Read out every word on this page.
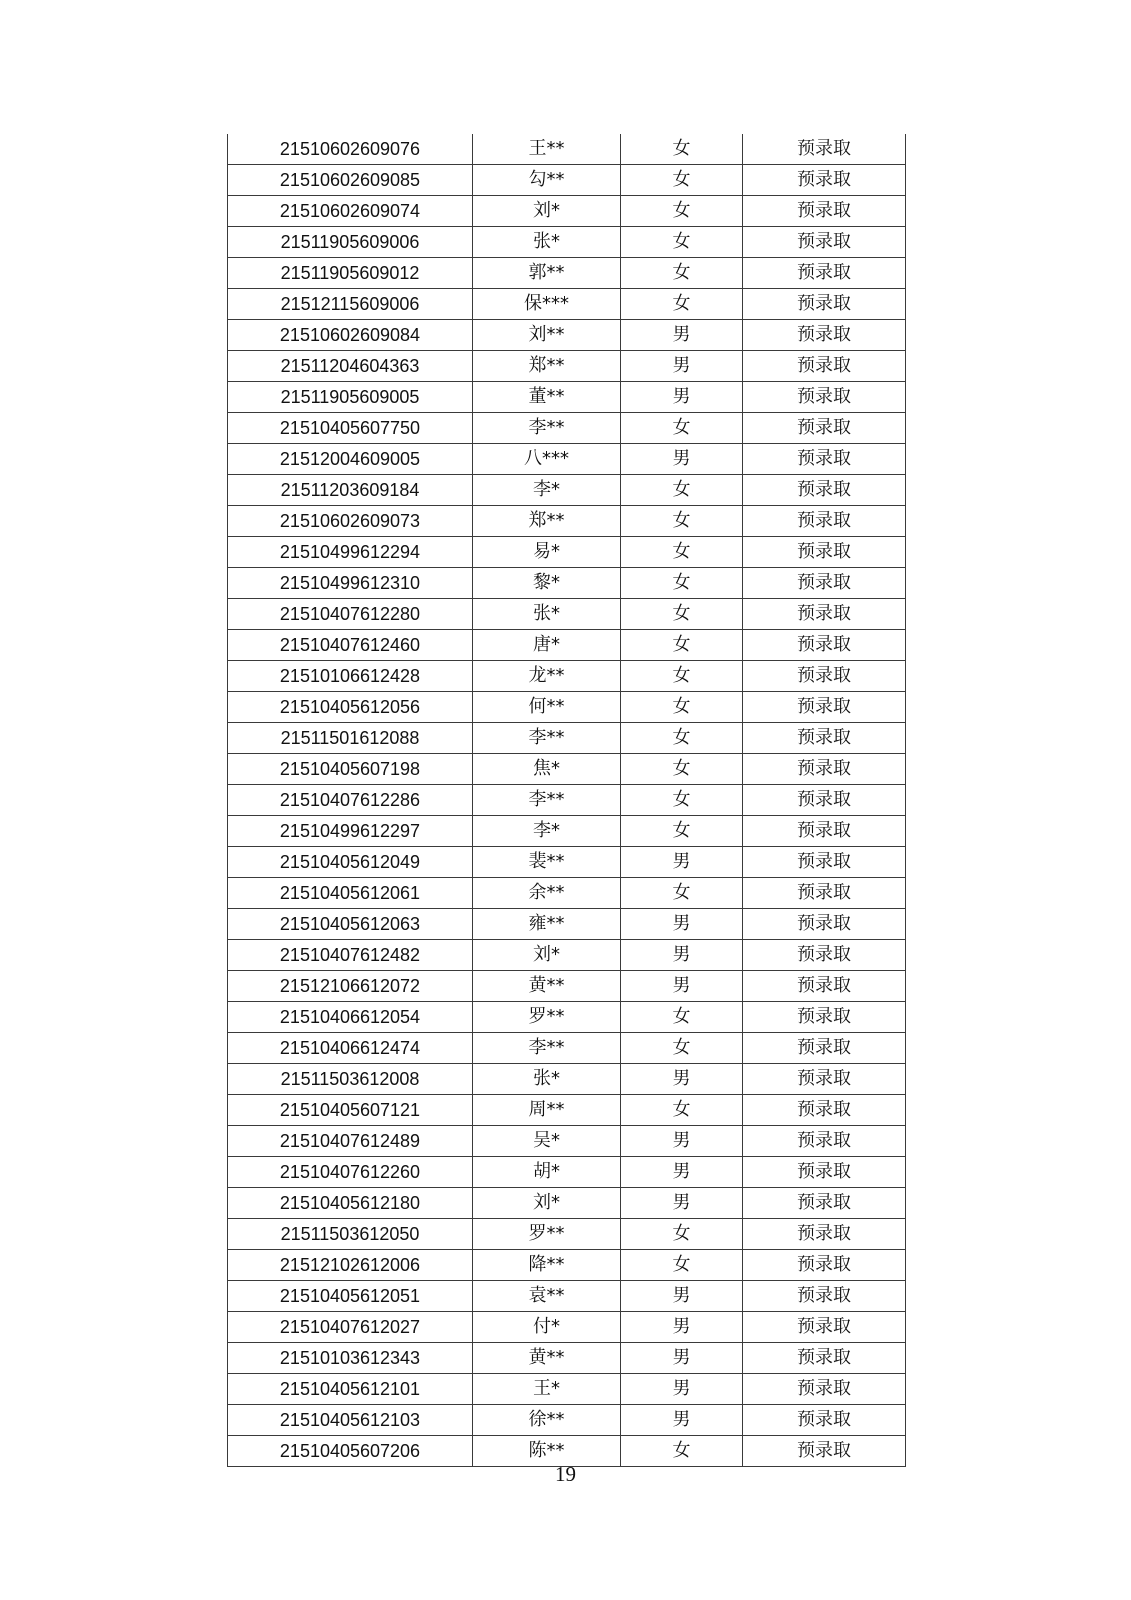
21510602609076	王**	女	预录取
21510602609085	勾**	女	预录取
21510602609074	刘*	女	预录取
21511905609006	张*	女	预录取
21511905609012	郭**	女	预录取
21512115609006	保***	女	预录取
21510602609084	刘**	男	预录取
21511204604363	郑**	男	预录取
21511905609005	董**	男	预录取
21510405607750	李**	女	预录取
21512004609005	八***	男	预录取
21511203609184	李*	女	预录取
21510602609073	郑**	女	预录取
21510499612294	易*	女	预录取
21510499612310	黎*	女	预录取
21510407612280	张*	女	预录取
21510407612460	唐*	女	预录取
21510106612428	龙**	女	预录取
21510405612056	何**	女	预录取
21511501612088	李**	女	预录取
21510405607198	焦*	女	预录取
21510407612286	李**	女	预录取
21510499612297	李*	女	预录取
21510405612049	裴**	男	预录取
21510405612061	余**	女	预录取
21510405612063	雍**	男	预录取
21510407612482	刘*	男	预录取
21512106612072	黄**	男	预录取
21510406612054	罗**	女	预录取
21510406612474	李**	女	预录取
21511503612008	张*	男	预录取
21510405607121	周**	女	预录取
21510407612489	吴*	男	预录取
21510407612260	胡*	男	预录取
21510405612180	刘*	男	预录取
21511503612050	罗**	女	预录取
21512102612006	降**	女	预录取
21510405612051	袁**	男	预录取
21510407612027	付*	男	预录取
21510103612343	黄**	男	预录取
21510405612101	王*	男	预录取
21510405612103	徐**	男	预录取
21510405607206	陈**	女	预录取
19
